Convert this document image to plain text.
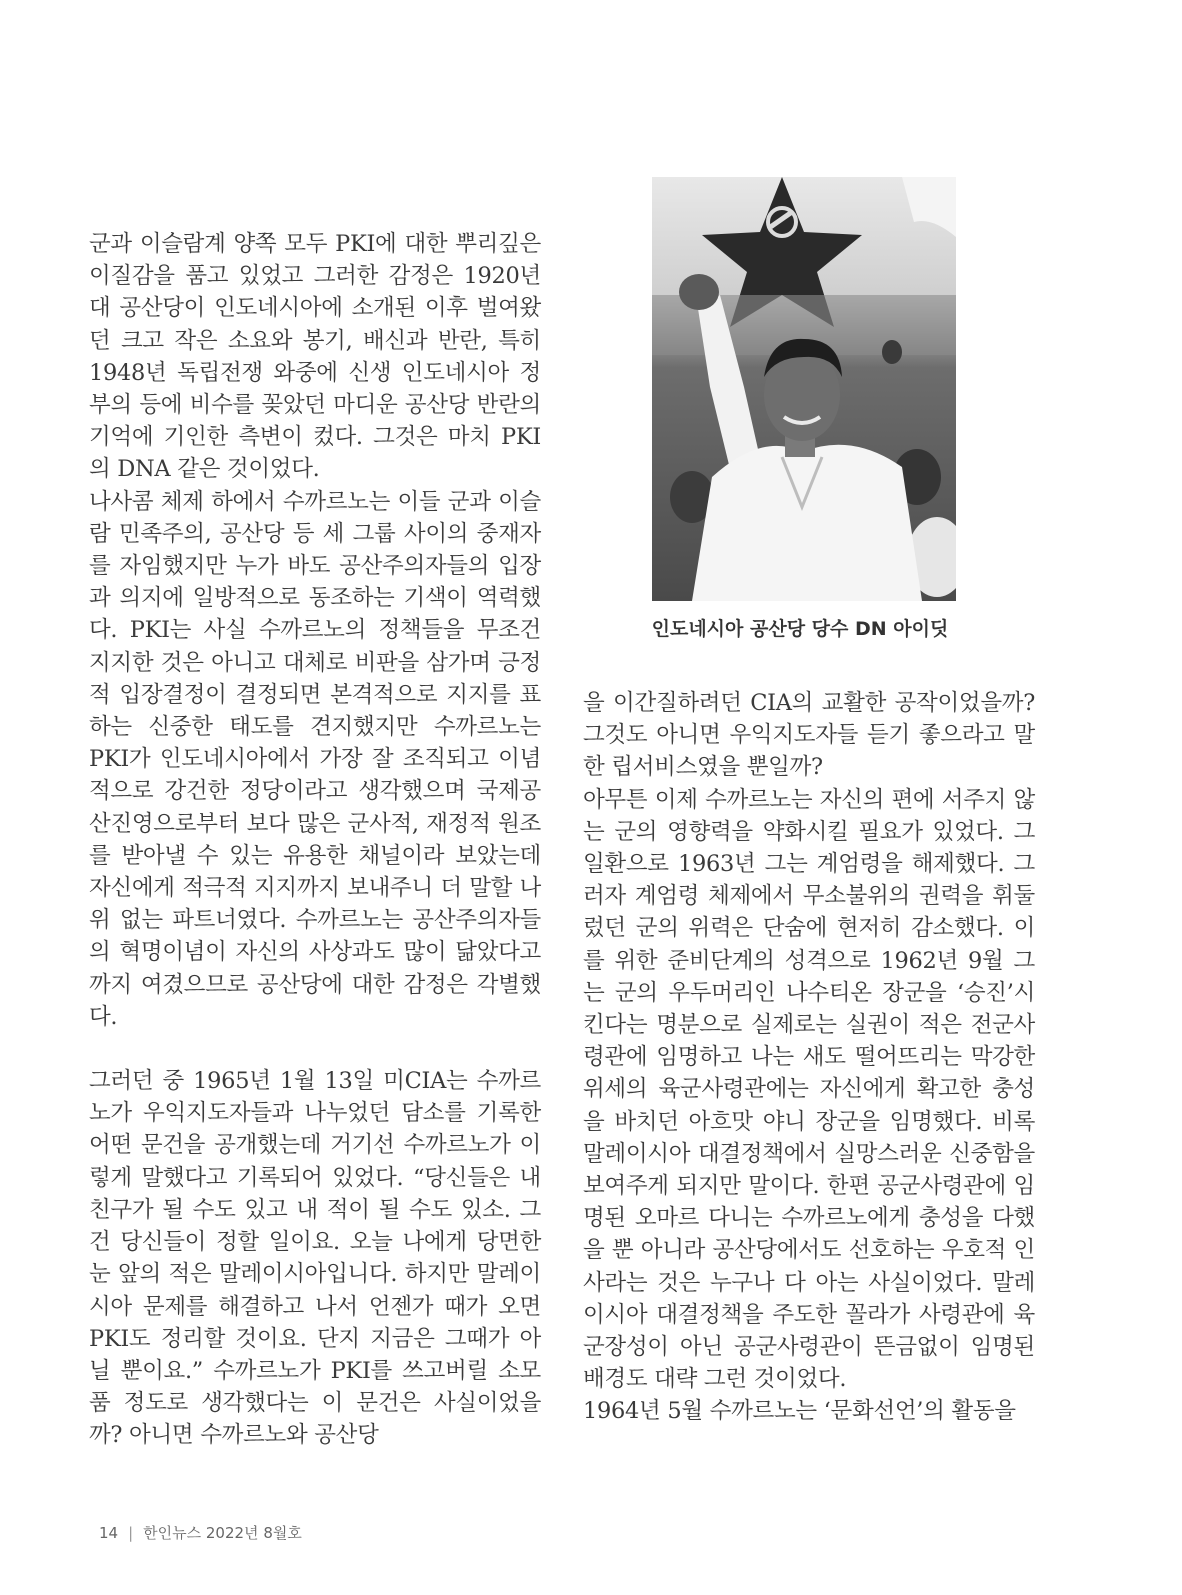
군과 이슬람계 양쪽 모두 PKI에 대한 뿌리깊은 이질감을 품고 있었고 그러한 감정은 1920년대 공산당이 인도네시아에 소개된 이후 벌여왔던 크고 작은 소요와 봉기, 배신과 반란, 특히 1948년 독립전쟁 와중에 신생 인도네시아 정부의 등에 비수를 꽂았던 마디운 공산당 반란의 기억에 기인한 측변이 컸다. 그것은 마치 PKI의 DNA 같은 것이었다.

나사콤 체제 하에서 수까르노는 이들 군과 이슬람 민족주의, 공산당 등 세 그룹 사이의 중재자를 자임했지만 누가 바도 공산주의자들의 입장과 의지에 일방적으로 동조하는 기색이 역력했다. PKI는 사실 수까르노의 정책들을 무조건 지지한 것은 아니고 대체로 비판을 삼가며 긍정적 입장결정이 결정되면 본격적으로 지지를 표하는 신중한 태도를 견지했지만 수까르노는 PKI가 인도네시아에서 가장 잘 조직되고 이념적으로 강건한 정당이라고 생각했으며 국제공산진영으로부터 보다 많은 군사적, 재정적 원조를 받아낼 수 있는 유용한 채널이라 보았는데 자신에게 적극적 지지까지 보내주니 더 말할 나위 없는 파트너였다. 수까르노는 공산주의자들의 혁명이념이 자신의 사상과도 많이 닮았다고까지 여겼으므로 공산당에 대한 감정은 각별했다.

그러던 중 1965년 1월 13일 미CIA는 수까르노가 우익지도자들과 나누었던 담소를 기록한 어떤 문건을 공개했는데 거기선 수까르노가 이렇게 말했다고 기록되어 있었다. “당신들은 내 친구가 될 수도 있고 내 적이 될 수도 있소. 그건 당신들이 정할 일이요. 오늘 나에게 당면한 눈 앞의 적은 말레이시아입니다. 하지만 말레이시아 문제를 해결하고 나서 언젠가 때가 오면 PKI도 정리할 것이요. 단지 지금은 그때가 아닐 뿐이요.” 수까르노가 PKI를 쓰고버릴 소모품 정도로 생각했다는 이 문건은 사실이었을까? 아니면 수까르노와 공산당

인도네시아 공산당 당수 DN 아이딧

을 이간질하려던 CIA의 교활한 공작이었을까? 그것도 아니면 우익지도자들 듣기 좋으라고 말한 립서비스였을 뿐일까?

아무튼 이제 수까르노는 자신의 편에 서주지 않는 군의 영향력을 약화시킬 필요가 있었다. 그 일환으로 1963년 그는 계엄령을 해제했다. 그러자 계엄령 체제에서 무소불위의 권력을 휘둘렀던 군의 위력은 단숨에 현저히 감소했다. 이를 위한 준비단계의 성격으로 1962년 9월 그는 군의 우두머리인 나수티온 장군을 ‘승진’시킨다는 명분으로 실제로는 실권이 적은 전군사령관에 임명하고 나는 새도 떨어뜨리는 막강한 위세의 육군사령관에는 자신에게 확고한 충성을 바치던 아흐맛 야니 장군을 임명했다. 비록 말레이시아 대결정책에서 실망스러운 신중함을 보여주게 되지만 말이다. 한편 공군사령관에 임명된 오마르 다니는 수까르노에게 충성을 다했을 뿐 아니라 공산당에서도 선호하는 우호적 인사라는 것은 누구나 다 아는 사실이었다. 말레이시아 대결정책을 주도한 꼴라가 사령관에 육군장성이 아닌 공군사령관이 뜬금없이 임명된 배경도 대략 그런 것이었다.

1964년 5월 수까르노는 ‘문화선언’의 활동을

14 | 한인뉴스 2022년 8월호
